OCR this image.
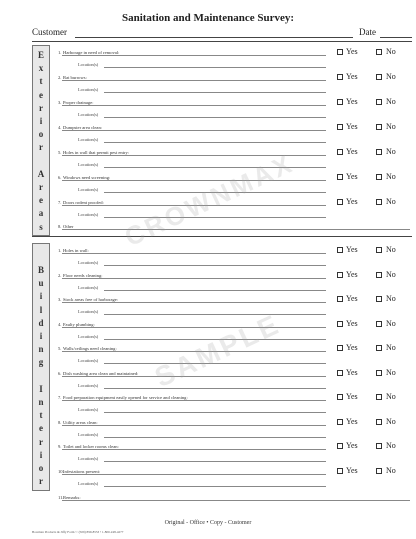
Sanitation and Maintenance Survey:
Customer	Date
E
x
t
e
r
i
o
r

A
r
e
a
s
B
u
i
l
d
i
n
g

I
n
t
e
r
i
o
r
1. Harborage in need of removal:	Yes	No
Location(s)
2. Rat burrows:	Yes	No
Location(s)
3. Proper drainage:	Yes	No
Location(s)
4. Dumpster area clean:	Yes	No
Location(s)
5. Holes in wall that permit pest entry:	Yes	No
Location(s)
6. Windows need screening:	Yes	No
Location(s)
7. Doors rodent proofed:	Yes	No
Location(s)
8. Other
1. Holes in wall:	Yes	No
Location(s)
2. Floor needs cleaning:	Yes	No
Location(s)
3. Stock areas free of harborage:	Yes	No
Location(s)
4. Faulty plumbing:	Yes	No
Location(s)
5. Walls/ceilings need cleaning:	Yes	No
Location(s)
6. Dish washing area clean and maintained:	Yes	No
Location(s)
7. Food preparation equipment easily opened for service and cleaning:	Yes	No
Location(s)
8. Utility areas clean:	Yes	No
Location(s)
9. Toilet and locker rooms clean:	Yes	No
Location(s)
10. Infestations present:	Yes	No
Location(s)
11. Remarks:
Original - Office • Copy - Customer
Bowman Products & Jiffy Form © (509) 899-8553 • 1-800-248-4277
CROWNMAX
SAMPLE
